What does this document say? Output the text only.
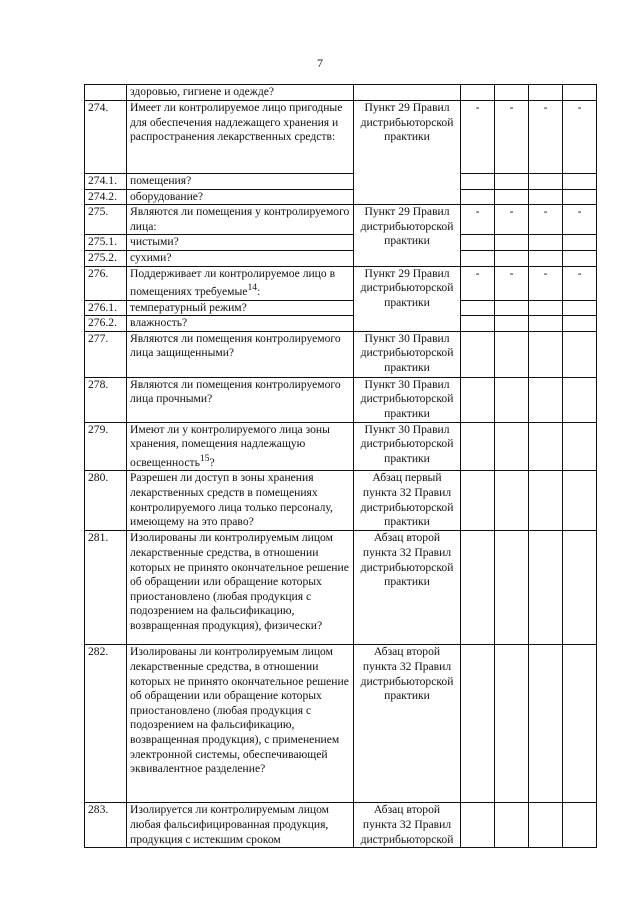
7
	здоровью, гигиене и одежде?					
274.	Имеет ли контролируемое лицо пригодные для обеспечения надлежащего хранения и распространения лекарственных средств:	Пункт 29 Правил дистрибьюторской практики	-	-	-	-
274.1.	помещения?					
274.2.	оборудование?					
275.	Являются ли помещения у контролируемого лица:	Пункт 29 Правил дистрибьюторской практики	-	-	-	-
275.1.	чистыми?					
275.2.	сухими?					
276.	Поддерживает ли контролируемое лицо в помещениях требуемые$^{14}$:	Пункт 29 Правил дистрибьюторской практики	-	-	-	-
276.1.	температурный режим?					
276.2.	влажность?					
277.	Являются ли помещения контролируемого лица защищенными?	Пункт 30 Правил дистрибьюторской практики				
278.	Являются ли помещения контролируемого лица прочными?	Пункт 30 Правил дистрибьюторской практики				
279.	Имеют ли у контролируемого лица зоны хранения, помещения надлежащую освещенность$^{15}$?	Пункт 30 Правил дистрибьюторской практики				
280.	Разрешен ли доступ в зоны хранения лекарственных средств в помещениях контролируемого лица только персоналу, имеющему на это право?	Абзац первый пункта 32 Правил дистрибьюторской практики				
281.	Изолированы ли контролируемым лицом лекарственные средства, в отношении которых не принято окончательное решение об обращении или обращение которых приостановлено (любая продукция с подозрением на фальсификацию, возвращенная продукция), физически?	Абзац второй пункта 32 Правил дистрибьюторской практики				
282.	Изолированы ли контролируемым лицом лекарственные средства, в отношении которых не принято окончательное решение об обращении или обращение которых приостановлено (любая продукция с подозрением на фальсификацию, возвращенная продукция), с применением электронной системы, обеспечивающей эквивалентное разделение?	Абзац второй пункта 32 Правил дистрибьюторской практики				
283.	Изолируется ли контролируемым лицом любая фальсифицированная продукция, продукция с истекшим сроком	Абзац второй пункта 32 Правил дистрибьюторской				
